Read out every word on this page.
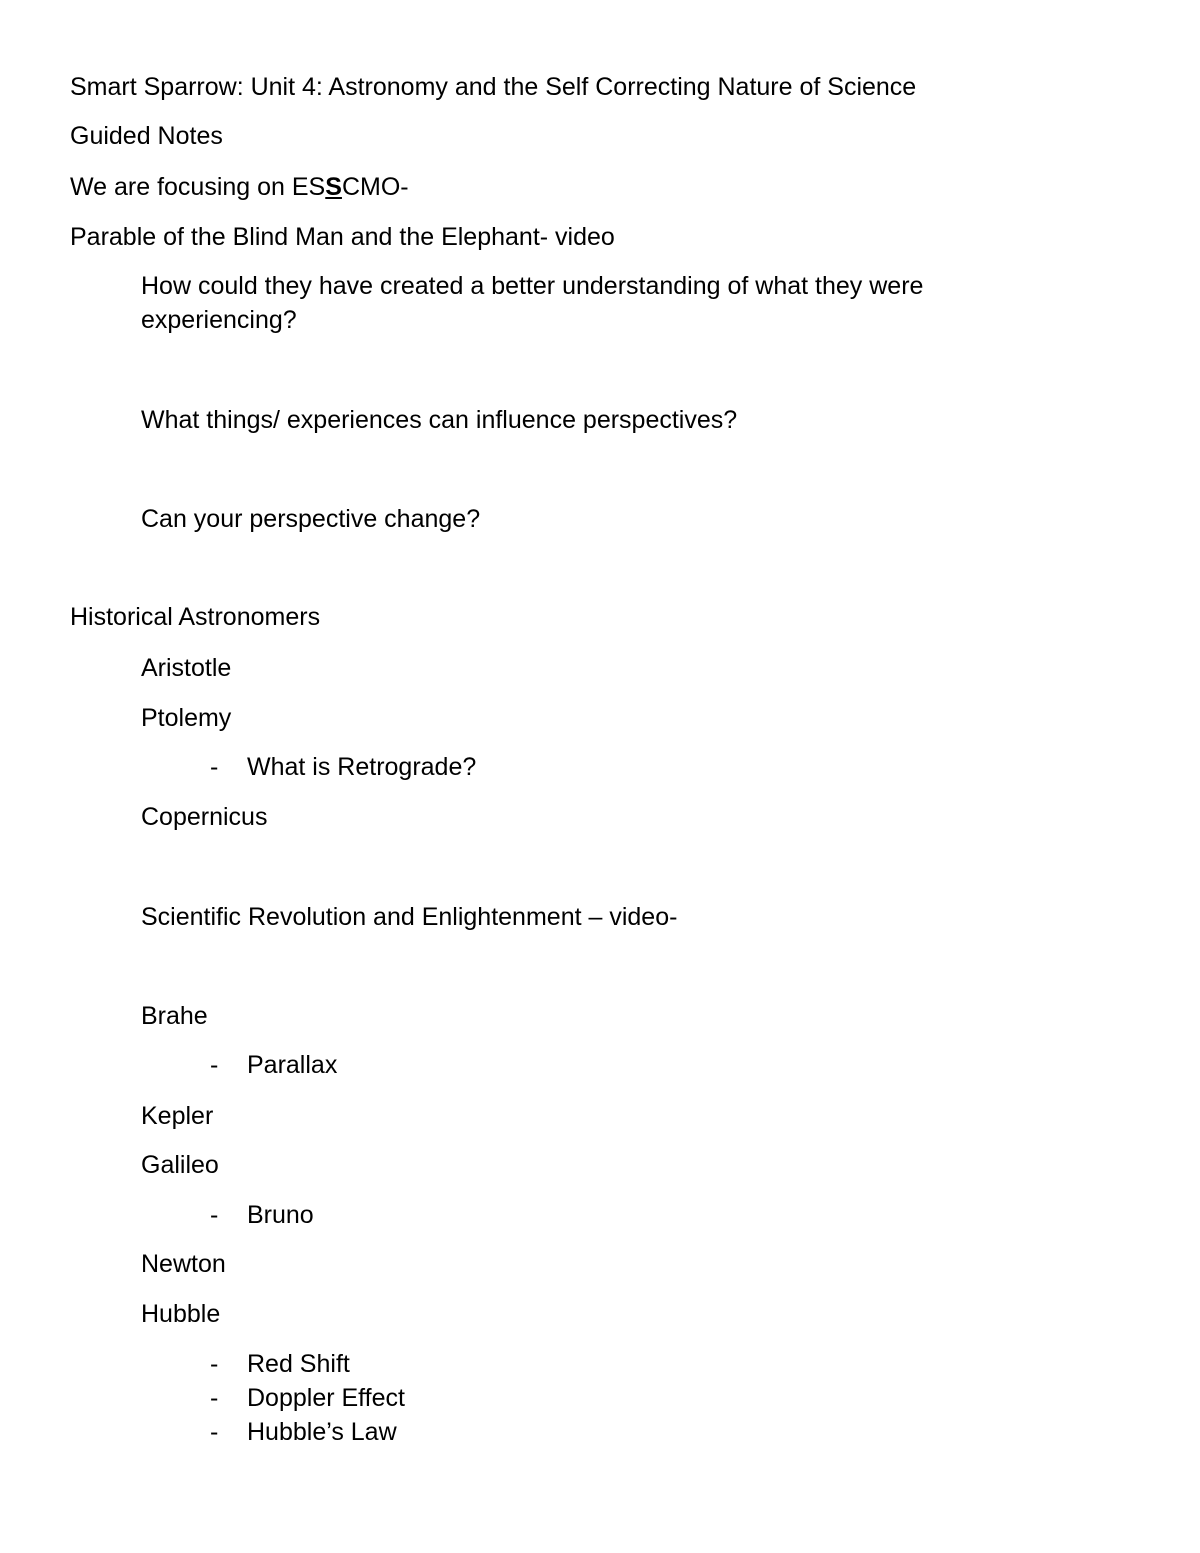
Smart Sparrow: Unit 4: Astronomy and the Self Correcting Nature of Science
Guided Notes
We are focusing on ESSCMO-
Parable of the Blind Man and the Elephant- video
How could they have created a better understanding of what they were experiencing?
What things/ experiences can influence perspectives?
Can your perspective change?
Historical Astronomers
Aristotle
Ptolemy
- What is Retrograde?
Copernicus
Scientific Revolution and Enlightenment – video-
Brahe
- Parallax
Kepler
Galileo
- Bruno
Newton
Hubble
- Red Shift
- Doppler Effect
- Hubble’s Law
